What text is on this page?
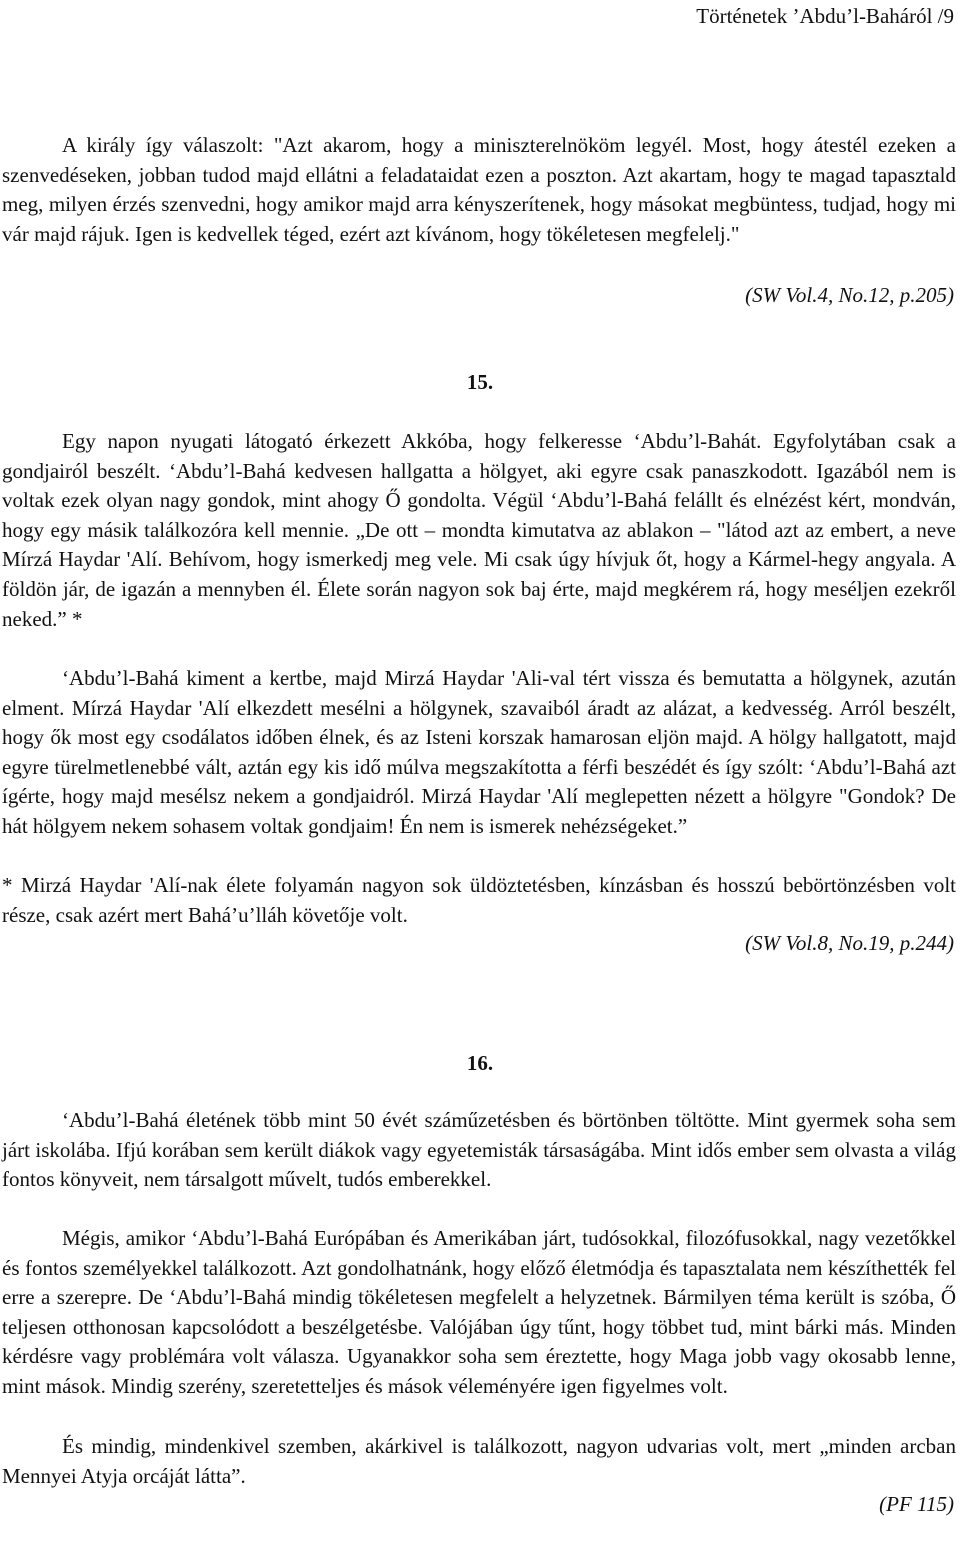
Történetek ’Abdu’l-Baháról /9

A király így válaszolt: "Azt akarom, hogy a miniszterelnököm legyél. Most, hogy átestél ezeken a szenvedéseken, jobban tudod majd ellátni a feladataidat ezen a poszton. Azt akartam, hogy te magad tapasztald meg, milyen érzés szenvedni, hogy amikor majd arra kényszerítenek, hogy másokat megbüntess, tudjad, hogy mi vár majd rájuk. Igen is kedvellek téged, ezért azt kívánom, hogy tökéletesen megfelelj."

(SW Vol.4, No.12, p.205)
15.

Egy napon nyugati látogató érkezett Akkóba, hogy felkeresse ‘Abdu’l-Bahát. Egyfolytában csak a gondjairól beszélt. ‘Abdu’l-Bahá kedvesen hallgatta a hölgyet, aki egyre csak panaszkodott. Igazából nem is voltak ezek olyan nagy gondok, mint ahogy Ő gondolta. Végül ‘Abdu’l-Bahá felállt és elnézést kért, mondván, hogy egy másik találkozóra kell mennie. „De ott – mondta kimutatva az ablakon – "látod azt az embert, a neve Mírzá Haydar 'Alí. Behívom, hogy ismerkedj meg vele. Mi csak úgy hívjuk őt, hogy a Kármel-hegy angyala. A földön jár, de igazán a mennyben él. Élete során nagyon sok baj érte, majd megkérem rá, hogy meséljen ezekről neked.” *

‘Abdu’l-Bahá kiment a kertbe, majd Mirzá Haydar 'Ali-val tért vissza és bemutatta a hölgynek, azután elment. Mírzá Haydar 'Alí elkezdett mesélni a hölgynek, szavaiból áradt az alázat, a kedvesség. Arról beszélt, hogy ők most egy csodálatos időben élnek, és az Isteni korszak hamarosan eljön majd. A hölgy hallgatott, majd egyre türelmetlenebbé vált, aztán egy kis idő múlva megszakította a férfi beszédét és így szólt: ‘Abdu’l-Bahá azt ígérte, hogy majd mesélsz nekem a gondjaidról. Mirzá Haydar 'Alí meglepetten nézett a hölgyre "Gondok? De hát hölgyem nekem sohasem voltak gondjaim! Én nem is ismerek nehézségeket.”

* Mirzá Haydar 'Alí-nak élete folyamán nagyon sok üldöztetésben, kínzásban és hosszú bebörtönzésben volt része, csak azért mert Bahá’u’lláh követője volt.

(SW Vol.8, No.19, p.244)
16.

‘Abdu’l-Bahá életének több mint 50 évét száműzetésben és börtönben töltötte. Mint gyermek soha sem járt iskolába. Ifjú korában sem került diákok vagy egyetemisták társaságába. Mint idős ember sem olvasta a világ fontos könyveit, nem társalgott művelt, tudós emberekkel.

Mégis, amikor ‘Abdu’l-Bahá Európában és Amerikában járt, tudósokkal, filozófusokkal, nagy vezetőkkel és fontos személyekkel találkozott. Azt gondolhatnánk, hogy előző életmódja és tapasztalata nem készíthették fel erre a szerepre. De ‘Abdu’l-Bahá mindig tökéletesen megfelelt a helyzetnek. Bármilyen téma került is szóba, Ő teljesen otthonosan kapcsolódott a beszélgetésbe. Valójában úgy tűnt, hogy többet tud, mint bárki más. Minden kérdésre vagy problémára volt válasza. Ugyanakkor soha sem éreztette, hogy Maga jobb vagy okosabb lenne, mint mások. Mindig szerény, szeretetteljes és mások véleményére igen figyelmes volt.

És mindig, mindenkivel szemben, akárkivel is találkozott, nagyon udvarias volt, mert „minden arcban Mennyei Atyja orcáját látta”.

(PF 115)
